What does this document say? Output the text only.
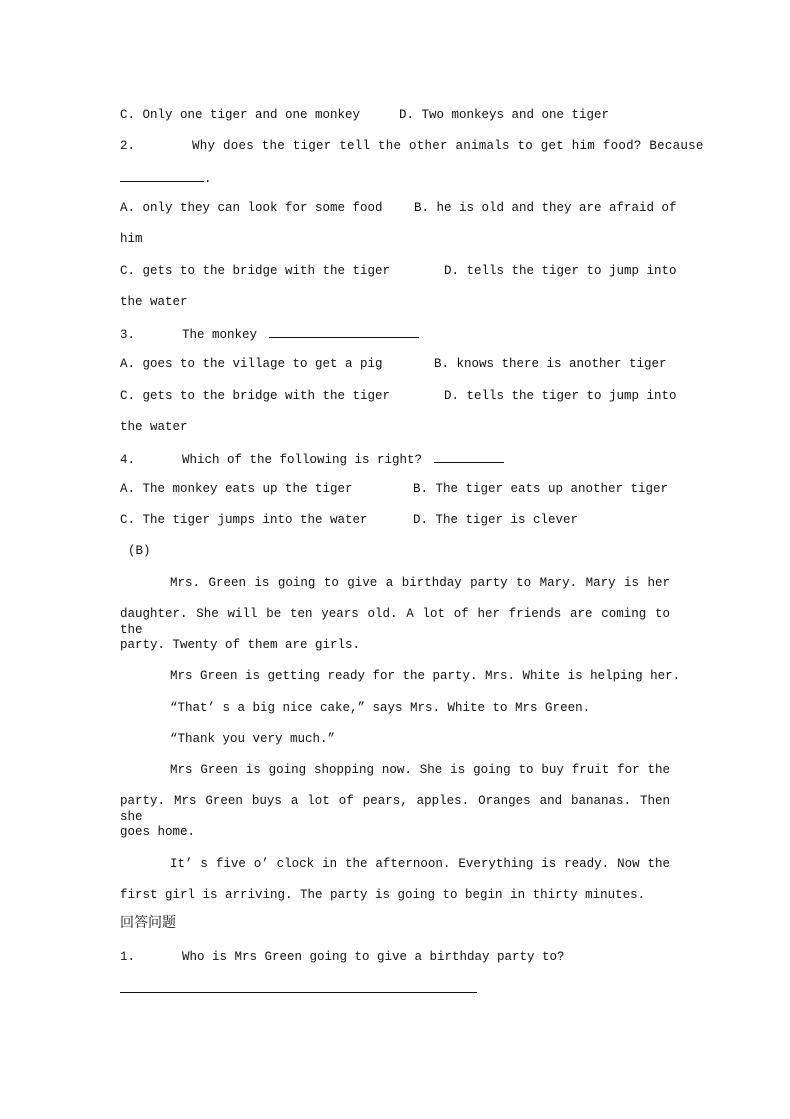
C. Only one tiger and one monkey	D. Two monkeys and one tiger
2.	Why does the tiger tell the other animals to get him food? Because
.
A. only they can look for some food	B. he is old and they are afraid of
him
C. gets to the bridge with the tiger	D. tells the tiger to jump into
the water
3.	The monkey
A. goes to the village to get a pig	B. knows there is another tiger
C. gets to the bridge with the tiger	D. tells the tiger to jump into
the water
4.	Which of the following is right?
A. The monkey eats up the tiger	B. The tiger eats up another tiger
C. The tiger jumps into the water	D. The tiger is clever
(B)
Mrs. Green is going to give a birthday party to Mary. Mary is her
daughter. She will be ten years old. A lot of her friends are coming to the
party. Twenty of them are girls.
Mrs Green is getting ready for the party. Mrs. White is helping her.
“That’ s a big nice cake,” says Mrs. White to Mrs Green.
“Thank you very much.”
Mrs Green is going shopping now. She is going to buy fruit for the
party. Mrs Green buys a lot of pears, apples. Oranges and bananas. Then she
goes home.
It’ s five o’ clock in the afternoon. Everything is ready. Now the
first girl is arriving. The party is going to begin in thirty minutes.
回答问题
1.	Who is Mrs Green going to give a birthday party to?
